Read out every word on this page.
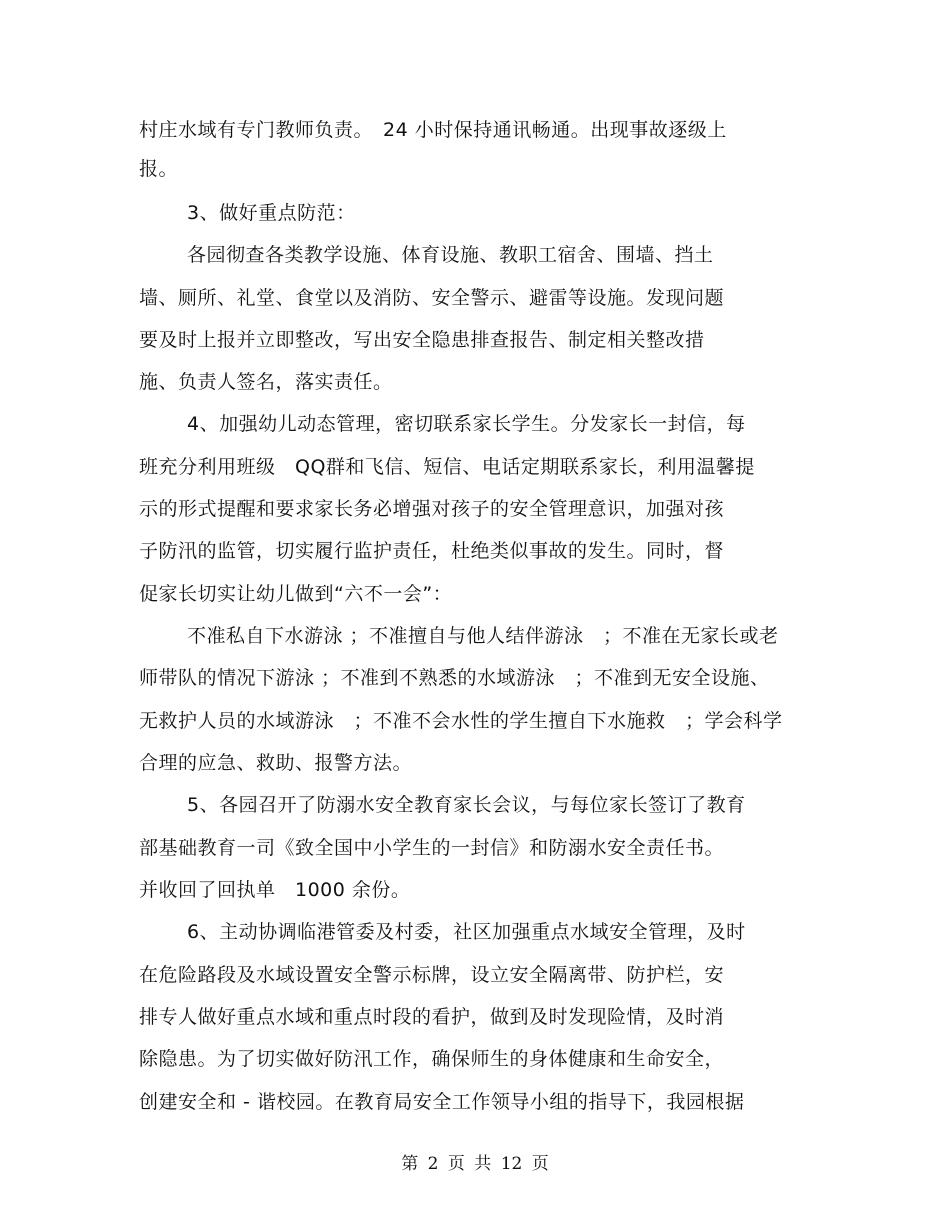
村庄水域有专门教师负责。　24 小时保持通讯畅通。出现事故逐级上
报。
3、做好重点防范：
各园彻查各类教学设施、体育设施、教职工宿舍、围墙、挡土
墙、厕所、礼堂、食堂以及消防、安全警示、避雷等设施。发现问题
要及时上报并立即整改，写出安全隐患排查报告、制定相关整改措
施、负责人签名，落实责任。
4、加强幼儿动态管理，密切联系家长学生。分发家长一封信，每
班充分利用班级　QQ群和飞信、短信、电话定期联系家长，利用温馨提
示的形式提醒和要求家长务必增强对孩子的安全管理意识，加强对孩
子防汛的监管，切实履行监护责任，杜绝类似事故的发生。同时，督
促家长切实让幼儿做到“六不一会”：
不准私自下水游泳 ；不准擅自与他人结伴游泳　；不准在无家长或老
师带队的情况下游泳 ；不准到不熟悉的水域游泳　；不准到无安全设施、
无救护人员的水域游泳　；不准不会水性的学生擅自下水施救　；学会科学
合理的应急、救助、报警方法。
5、各园召开了防溺水安全教育家长会议，与每位家长签订了教育
部基础教育一司《致全国中小学生的一封信》和防溺水安全责任书。
并收回了回执单　1000 余份。
6、主动协调临港管委及村委，社区加强重点水域安全管理，及时
在危险路段及水域设置安全警示标牌，设立安全隔离带、防护栏，安
排专人做好重点水域和重点时段的看护，做到及时发现险情，及时消
除隐患。为了切实做好防汛工作，确保师生的身体健康和生命安全，
创建安全和 - 谐校园。在教育局安全工作领导小组的指导下，我园根据
第 2 页 共 12 页
